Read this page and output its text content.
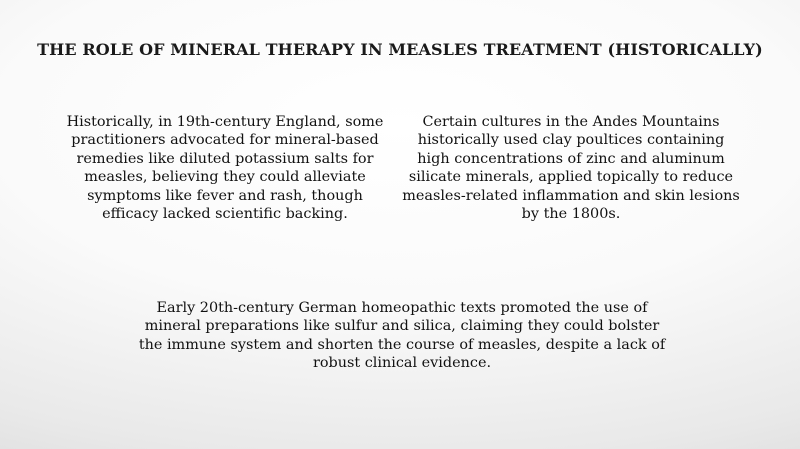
THE ROLE OF MINERAL THERAPY IN MEASLES TREATMENT (HISTORICALLY)
Historically, in 19th-century England, some practitioners advocated for mineral-based remedies like diluted potassium salts for measles, believing they could alleviate symptoms like fever and rash, though efficacy lacked scientific backing.
Certain cultures in the Andes Mountains historically used clay poultices containing high concentrations of zinc and aluminum silicate minerals, applied topically to reduce measles-related inflammation and skin lesions by the 1800s.
Early 20th-century German homeopathic texts promoted the use of mineral preparations like sulfur and silica, claiming they could bolster the immune system and shorten the course of measles, despite a lack of robust clinical evidence.
